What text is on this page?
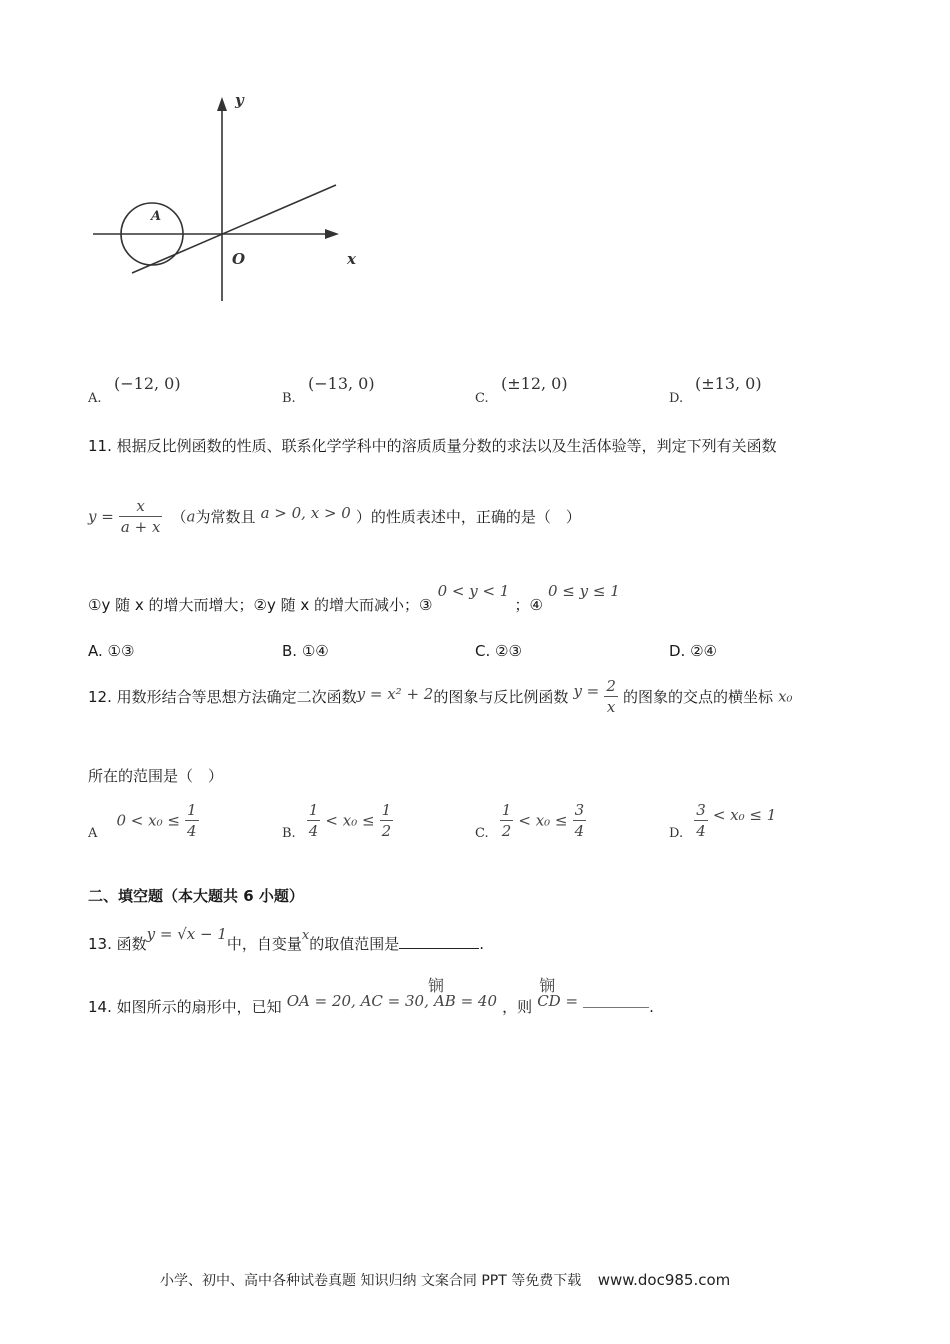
y
x
O
A
A.
(−12, 0)
B.
(−13, 0)
C.
(±12, 0)
D.
(±13, 0)
11. 根据反比例函数的性质、联系化学学科中的溶质质量分数的求法以及生活体验等，判定下列有关函数
$y = \frac{x}{a + x} (a$为常数且 a > 0, x > 0 ）的性质表述中，正确的是（　）
①y 随 x 的增大而增大；②y 随 x 的增大而减小；③ 0 < y < 1 ；④ 0 ≤ y ≤ 1
A. ①③	B. ①④	C. ②③	D. ②④
12. 用数形结合等思想方法确定二次函数y = x² + 2的图象与反比例函数 $y = \frac{2}{x}$ 的图象的交点的横坐标 x₀
所在的范围是（　）
$_A$ $0 < x_0 \le \frac{1}{4}$	$_{B.} \frac{1}{4} < x_0 \le \frac{1}{2}$	$_{C.} \frac{1}{2} < x_0 \le \frac{3}{4}$	$_{D.} \frac{3}{4} < x_0 \le 1$
二、填空题（本大题共 6 小题）
13. 函数y = √x − 1中，自变量x的取值范围是	.
14. 如图所示的扇形中，已知 OA = 20, AC = 30,
锎
AB = 40 ，则
锎
CD =	.
小学、初中、高中各种试卷真题 知识归纳 文案合同 PPT 等免费下载 www.doc985.com
